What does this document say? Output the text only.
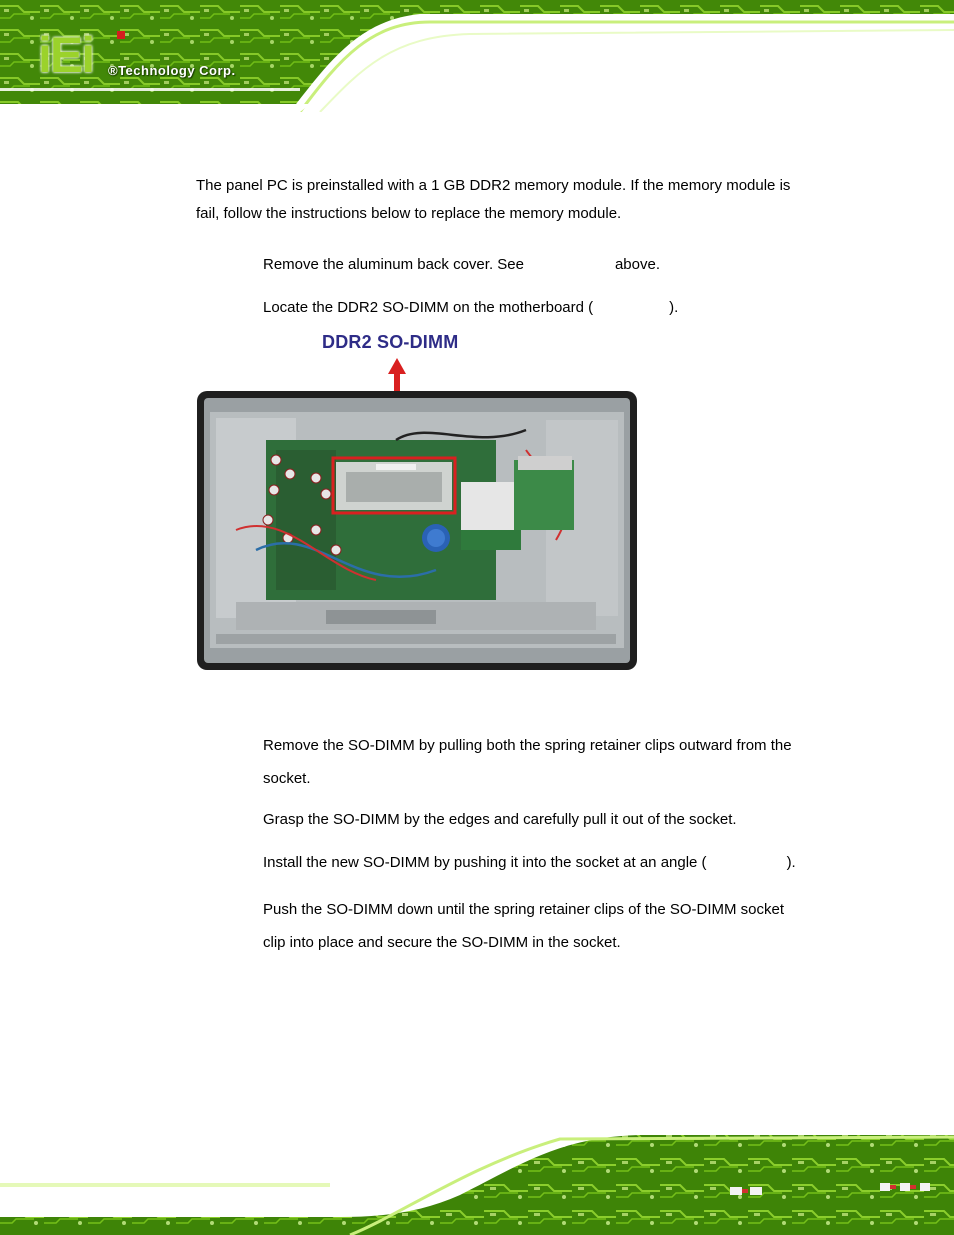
iEi ®Technology Corp.
The panel PC is preinstalled with a 1 GB DDR2 memory module. If the memory module is
fail, follow the instructions below to replace the memory module.
Remove the aluminum back cover. See	above.
Locate the DDR2 SO-DIMM on the motherboard (	).
DDR2 SO-DIMM
Remove the SO-DIMM by pulling both the spring retainer clips outward from the
socket.
Grasp the SO-DIMM by the edges and carefully pull it out of the socket.
Install the new SO-DIMM by pushing it into the socket at an angle (	).
Push the SO-DIMM down until the spring retainer clips of the SO-DIMM socket
clip into place and secure the SO-DIMM in the socket.
